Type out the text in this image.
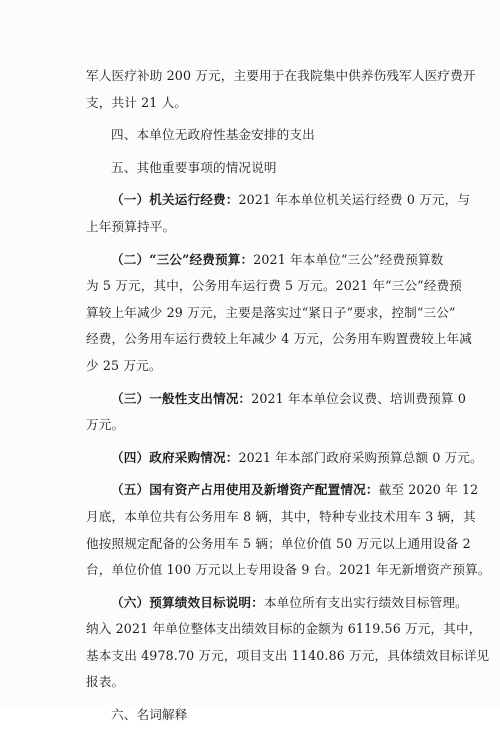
军人医疗补助 200 万元，主要用于在我院集中供养伤残军人医疗费开
支，共计 21 人。
四、本单位无政府性基金安排的支出
五、其他重要事项的情况说明
（一）机关运行经费：2021 年本单位机关运行经费 0 万元，与
上年预算持平。
（二）“三公”经费预算：2021 年本单位“三公”经费预算数
为 5 万元，其中，公务用车运行费 5 万元。2021 年“三公”经费预
算较上年减少 29 万元，主要是落实过“紧日子”要求，控制“三公”
经费，公务用车运行费较上年减少 4 万元，公务用车购置费较上年减
少 25 万元。
（三）一般性支出情况：2021 年本单位会议费、培训费预算 0
万元。
（四）政府采购情况：2021 年本部门政府采购预算总额 0 万元。
（五）国有资产占用使用及新增资产配置情况：截至 2020 年 12
月底，本单位共有公务用车 8 辆，其中，特种专业技术用车 3 辆，其
他按照规定配备的公务用车 5 辆；单位价值 50 万元以上通用设备 2
台，单位价值 100 万元以上专用设备 9 台。2021 年无新增资产预算。
（六）预算绩效目标说明：本单位所有支出实行绩效目标管理。
纳入 2021 年单位整体支出绩效目标的金额为 6119.56 万元，其中，
基本支出 4978.70 万元，项目支出 1140.86 万元，具体绩效目标详见
报表。
六、名词解释
